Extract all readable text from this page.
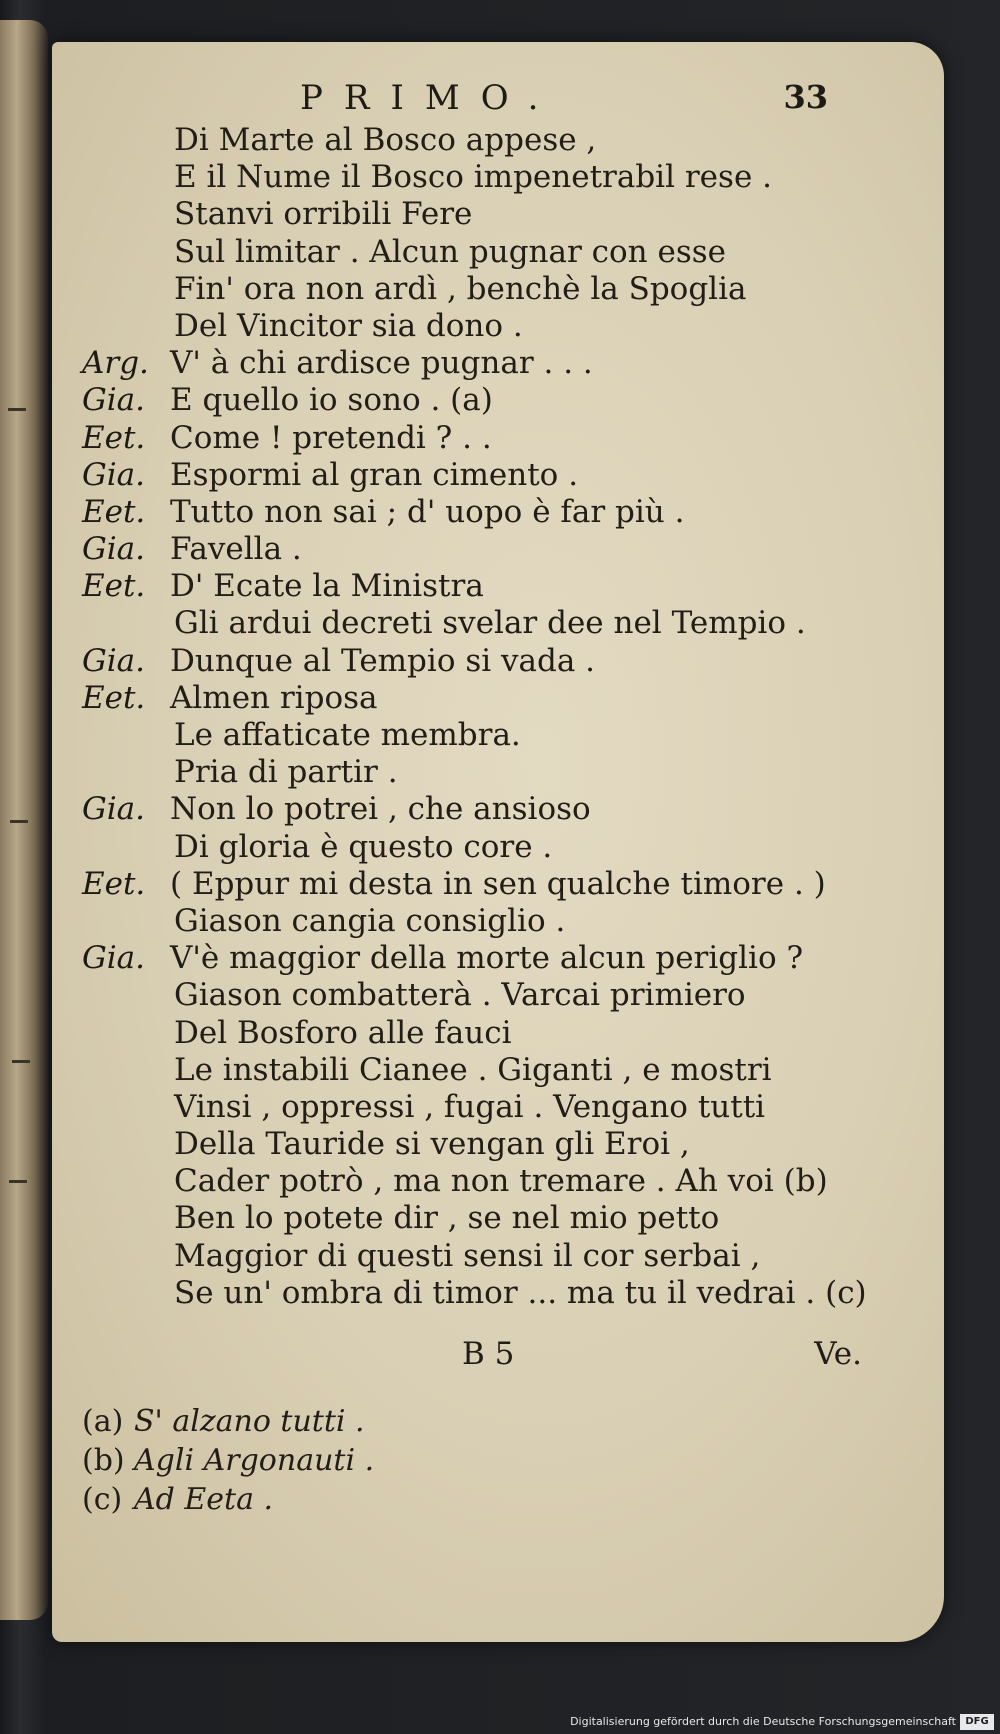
PRIMO.	33
Di Marte al Bosco appese ,
E il Nume il Bosco impenetrabil rese .
Stanvi orribili Fere
Sul limitar . Alcun pugnar con esse
Fin' ora non ardì , benchè la Spoglia
Del Vincitor sia dono .
Arg. V' à chi ardisce pugnar . . .
Gia. E quello io sono . (a)
Eet. Come ! pretendi ? . .
Gia. Espormi al gran cimento .
Eet. Tutto non sai ; d' uopo è far più .
Gia. Favella .
Eet. D' Ecate la Ministra
Gli ardui decreti svelar dee nel Tempio .
Gia. Dunque al Tempio si vada .
Eet. Almen riposa
Le affaticate membra.
Pria di partir .
Gia. Non lo potrei , che ansioso
Di gloria è questo core .
Eet. ( Eppur mi desta in sen qualche timore . )
Giason cangia consiglio .
Gia. V'è maggior della morte alcun periglio ?
Giason combatterà . Varcai primiero
Del Bosforo alle fauci
Le instabili Cianee . Giganti , e mostri
Vinsi , oppressi , fugai . Vengano tutti
Della Tauride si vengan gli Eroi ,
Cader potrò , ma non tremare . Ah voi (b)
Ben lo potete dir , se nel mio petto
Maggior di questi sensi il cor serbai ,
Se un' ombra di timor ... ma tu il vedrai . (c)
B 5	Ve.
(a) S' alzano tutti .
(b) Agli Argonauti .
(c) Ad Eeta .
Digitalisierung gefördert durch die Deutsche Forschungsgemeinschaft DFG
